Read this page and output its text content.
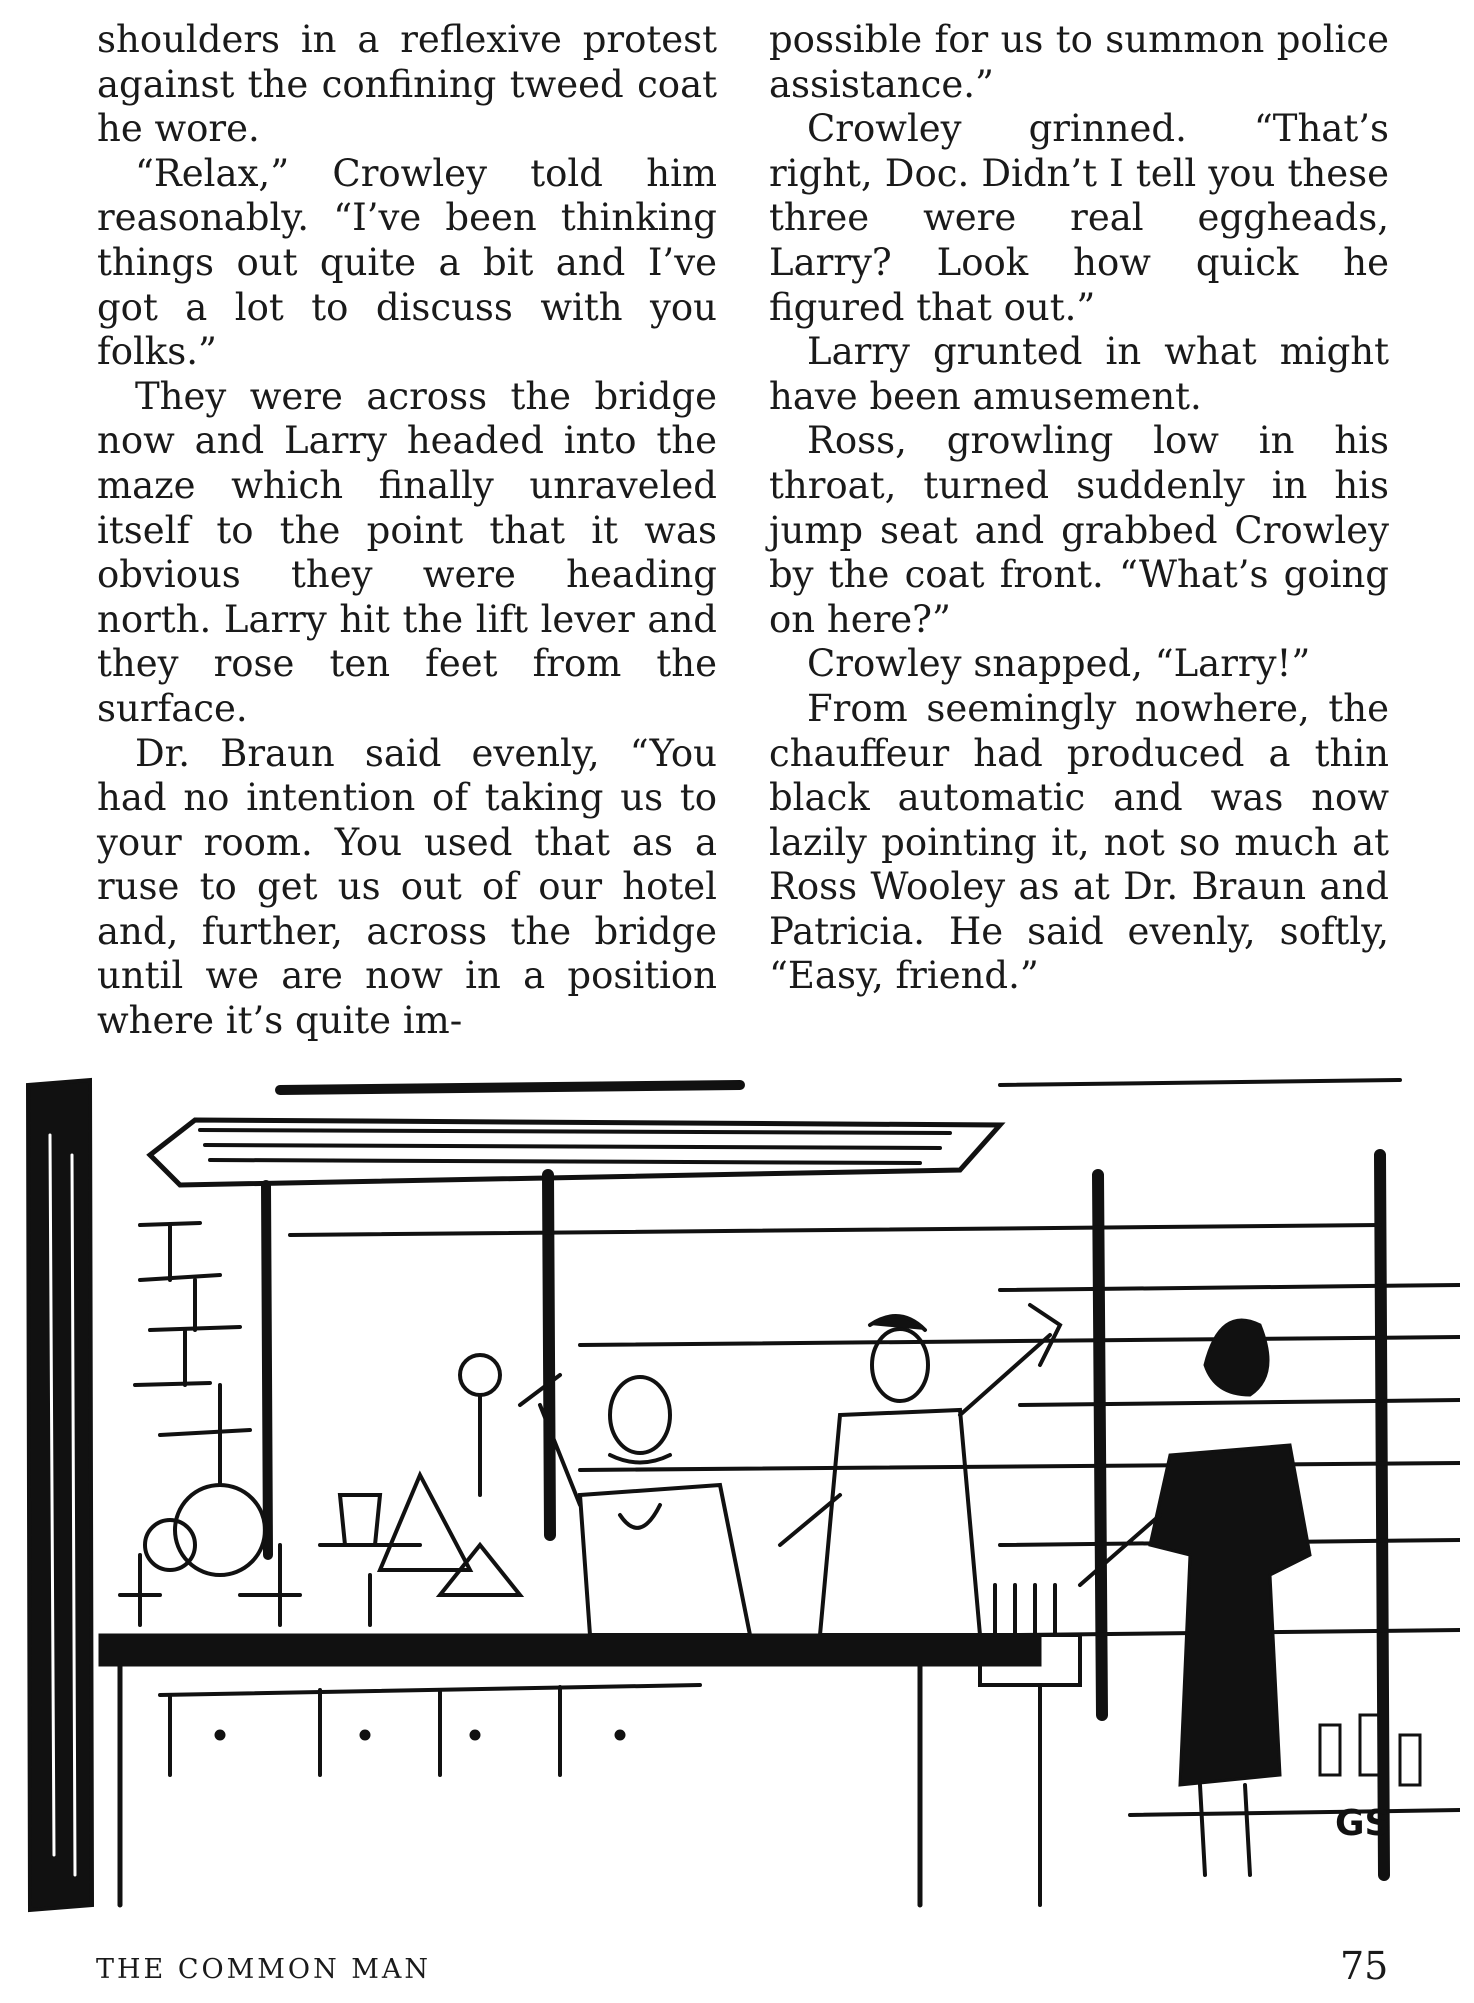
shoulders in a reflexive protest against the confining tweed coat he wore.

“Relax,” Crowley told him reasonably. “I’ve been thinking things out quite a bit and I’ve got a lot to discuss with you folks.”

They were across the bridge now and Larry headed into the maze which finally unraveled itself to the point that it was obvious they were heading north. Larry hit the lift lever and they rose ten feet from the surface.

Dr. Braun said evenly, “You had no intention of taking us to your room. You used that as a ruse to get us out of our hotel and, further, across the bridge until we are now in a position where it’s quite im-

possible for us to summon police assistance.”

Crowley grinned. “That’s right, Doc. Didn’t I tell you these three were real eggheads, Larry? Look how quick he figured that out.”

Larry grunted in what might have been amusement.

Ross, growling low in his throat, turned suddenly in his jump seat and grabbed Crowley by the coat front. “What’s going on here?”

Crowley snapped, “Larry!”

From seemingly nowhere, the chauffeur had produced a thin black automatic and was now lazily pointing it, not so much at Ross Wooley as at Dr. Braun and Patricia. He said evenly, softly, “Easy, friend.”

GS
THE COMMON MAN	75
